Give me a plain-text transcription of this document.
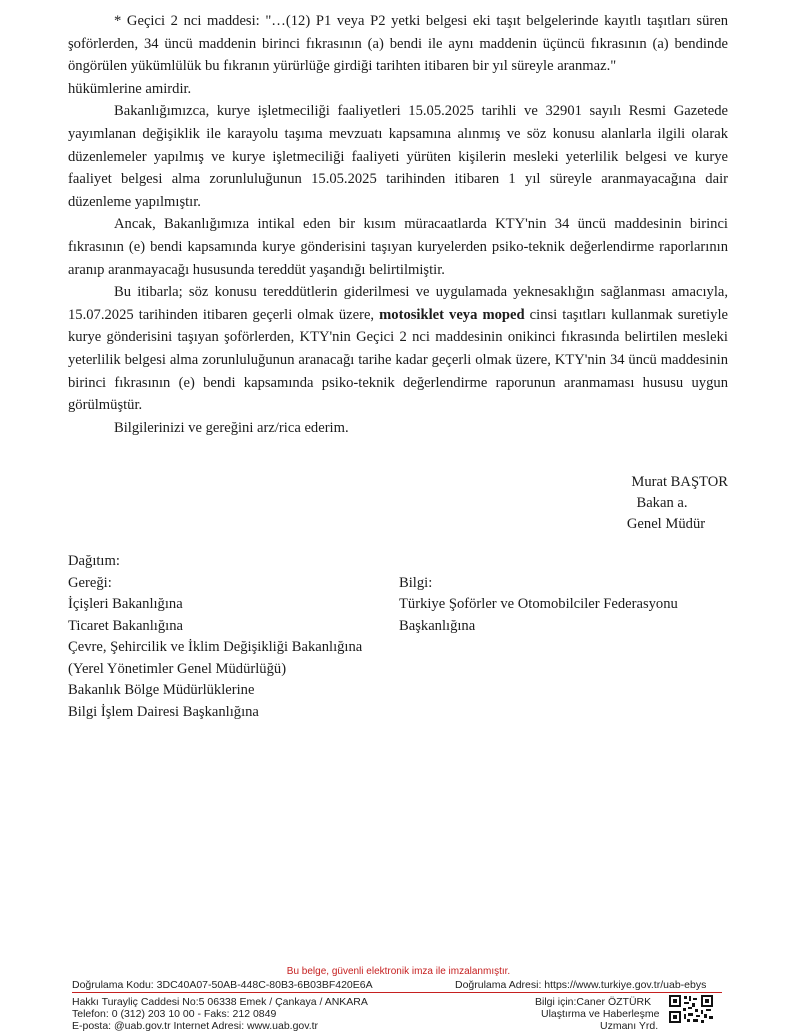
* Geçici 2 nci maddesi: "…(12) P1 veya P2 yetki belgesi eki taşıt belgelerinde kayıtlı taşıtları süren şoförlerden, 34 üncü maddenin birinci fıkrasının (a) bendi ile aynı maddenin üçüncü fıkrasının (a) bendinde öngörülen yükümlülük bu fıkranın yürürlüğe girdiği tarihten itibaren bir yıl süreyle aranmaz."

hükümlerine amirdir.

Bakanlığımızca, kurye işletmeciliği faaliyetleri 15.05.2025 tarihli ve 32901 sayılı Resmi Gazetede yayımlanan değişiklik ile karayolu taşıma mevzuatı kapsamına alınmış ve söz konusu alanlarla ilgili olarak düzenlemeler yapılmış ve kurye işletmeciliği faaliyeti yürüten kişilerin mesleki yeterlilik belgesi ve kurye faaliyet belgesi alma zorunluluğunun 15.05.2025 tarihinden itibaren 1 yıl süreyle aranmayacağına dair düzenleme yapılmıştır.

Ancak, Bakanlığımıza intikal eden bir kısım müracaatlarda KTY'nin 34 üncü maddesinin birinci fıkrasının (e) bendi kapsamında kurye gönderisini taşıyan kuryelerden psiko-teknik değerlendirme raporlarının aranıp aranmayacağı hususunda tereddüt yaşandığı belirtilmiştir.

Bu itibarla; söz konusu tereddütlerin giderilmesi ve uygulamada yeknesaklığın sağlanması amacıyla, 15.07.2025 tarihinden itibaren geçerli olmak üzere, motosiklet veya moped cinsi taşıtları kullanmak suretiyle kurye gönderisini taşıyan şoförlerden, KTY'nin Geçici 2 nci maddesinin onikinci fıkrasında belirtilen mesleki yeterlilik belgesi alma zorunluluğunun aranacağı tarihe kadar geçerli olmak üzere, KTY'nin 34 üncü maddesinin birinci fıkrasının (e) bendi kapsamında psiko-teknik değerlendirme raporunun aranmaması hususu uygun görülmüştür.

Bilgilerinizi ve gereğini arz/rica ederim.

Murat BAŞTOR
Bakan a.
Genel Müdür
Dağıtım:
Gereği:
İçişleri Bakanlığına
Ticaret Bakanlığına
Çevre, Şehircilik ve İklim Değişikliği Bakanlığına
(Yerel Yönetimler Genel Müdürlüğü)
Bakanlık Bölge Müdürlüklerine
Bilgi İşlem Dairesi Başkanlığına
Bilgi:
Türkiye Şoförler ve Otomobilciler Federasyonu
Başkanlığına
Bu belge, güvenli elektronik imza ile imzalanmıştır.
Doğrulama Kodu: 3DC40A07-50AB-448C-80B3-6B03BF420E6A	Doğrulama Adresi: https://www.turkiye.gov.tr/uab-ebys
Hakkı Turayliç Caddesi No:5 06338 Emek / Çankaya / ANKARA
Telefon: 0 (312) 203 10 00 - Faks: 212 0849
E-posta: @uab.gov.tr Internet Adresi: www.uab.gov.tr
Bilgi için:Caner ÖZTÜRK
Ulaştırma ve Haberleşme
Uzmanı Yrd.
